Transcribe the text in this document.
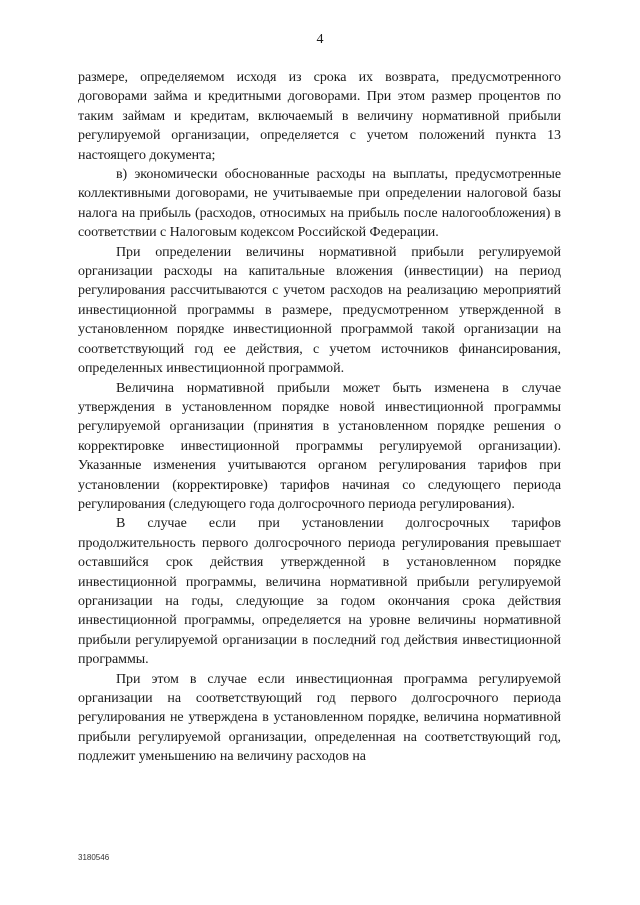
4

размере, определяемом исходя из срока их возврата, предусмотренного договорами займа и кредитными договорами. При этом размер процентов по таким займам и кредитам, включаемый в величину нормативной прибыли регулируемой организации, определяется с учетом положений пункта 13 настоящего документа;

в) экономически обоснованные расходы на выплаты, предусмотренные коллективными договорами, не учитываемые при определении налоговой базы налога на прибыль (расходов, относимых на прибыль после налогообложения) в соответствии с Налоговым кодексом Российской Федерации.

При определении величины нормативной прибыли регулируемой организации расходы на капитальные вложения (инвестиции) на период регулирования рассчитываются с учетом расходов на реализацию мероприятий инвестиционной программы в размере, предусмотренном утвержденной в установленном порядке инвестиционной программой такой организации на соответствующий год ее действия, с учетом источников финансирования, определенных инвестиционной программой.

Величина нормативной прибыли может быть изменена в случае утверждения в установленном порядке новой инвестиционной программы регулируемой организации (принятия в установленном порядке решения о корректировке инвестиционной программы регулируемой организации). Указанные изменения учитываются органом регулирования тарифов при установлении (корректировке) тарифов начиная со следующего периода регулирования (следующего года долгосрочного периода регулирования).

В случае если при установлении долгосрочных тарифов продолжительность первого долгосрочного периода регулирования превышает оставшийся срок действия утвержденной в установленном порядке инвестиционной программы, величина нормативной прибыли регулируемой организации на годы, следующие за годом окончания срока действия инвестиционной программы, определяется на уровне величины нормативной прибыли регулируемой организации в последний год действия инвестиционной программы.

При этом в случае если инвестиционная программа регулируемой организации на соответствующий год первого долгосрочного периода регулирования не утверждена в установленном порядке, величина нормативной прибыли регулируемой организации, определенная на соответствующий год, подлежит уменьшению на величину расходов на

3180546
